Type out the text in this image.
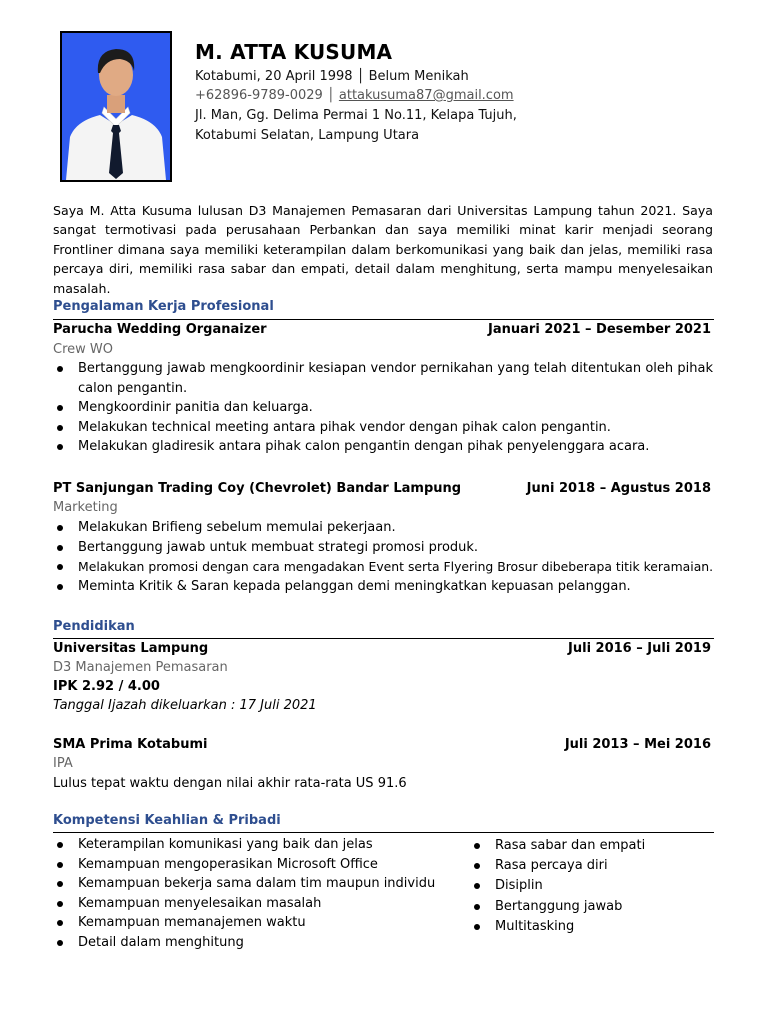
M. ATTA KUSUMA
Kotabumi, 20 April 1998 │ Belum Menikah
+62896-9789-0029 │ attakusuma87@gmail.com
Jl. Man, Gg. Delima Permai 1 No.11, Kelapa Tujuh,
Kotabumi Selatan, Lampung Utara
Saya M. Atta Kusuma lulusan D3 Manajemen Pemasaran dari Universitas Lampung tahun 2021. Saya sangat termotivasi pada perusahaan Perbankan dan saya memiliki minat karir menjadi seorang Frontliner dimana saya memiliki keterampilan dalam berkomunikasi yang baik dan jelas, memiliki rasa percaya diri, memiliki rasa sabar dan empati, detail dalam menghitung, serta mampu menyelesaikan masalah.
Pengalaman Kerja Profesional
Parucha Wedding Organaizer	Januari 2021 – Desember 2021
Crew WO
Bertanggung jawab mengkoordinir kesiapan vendor pernikahan yang telah ditentukan oleh pihak calon pengantin.
Mengkoordinir panitia dan keluarga.
Melakukan technical meeting antara pihak vendor dengan pihak calon pengantin.
Melakukan gladiresik antara pihak calon pengantin dengan pihak penyelenggara acara.
PT Sanjungan Trading Coy (Chevrolet) Bandar Lampung	Juni 2018 – Agustus 2018
Marketing
Melakukan Brifieng sebelum memulai pekerjaan.
Bertanggung jawab untuk membuat strategi promosi produk.
Melakukan promosi dengan cara mengadakan Event serta Flyering Brosur dibeberapa titik keramaian.
Meminta Kritik & Saran kepada pelanggan demi meningkatkan kepuasan pelanggan.
Pendidikan
Universitas Lampung	Juli 2016 – Juli 2019
D3 Manajemen Pemasaran
IPK 2.92 / 4.00
Tanggal Ijazah dikeluarkan : 17 Juli 2021
SMA Prima Kotabumi	Juli 2013 – Mei 2016
IPA
Lulus tepat waktu dengan nilai akhir rata-rata US 91.6
Kompetensi Keahlian & Pribadi
Keterampilan komunikasi yang baik dan jelas
Kemampuan mengoperasikan Microsoft Office
Kemampuan bekerja sama dalam tim maupun individu
Kemampuan menyelesaikan masalah
Kemampuan memanajemen waktu
Detail dalam menghitung
Rasa sabar dan empati
Rasa percaya diri
Disiplin
Bertanggung jawab
Multitasking
